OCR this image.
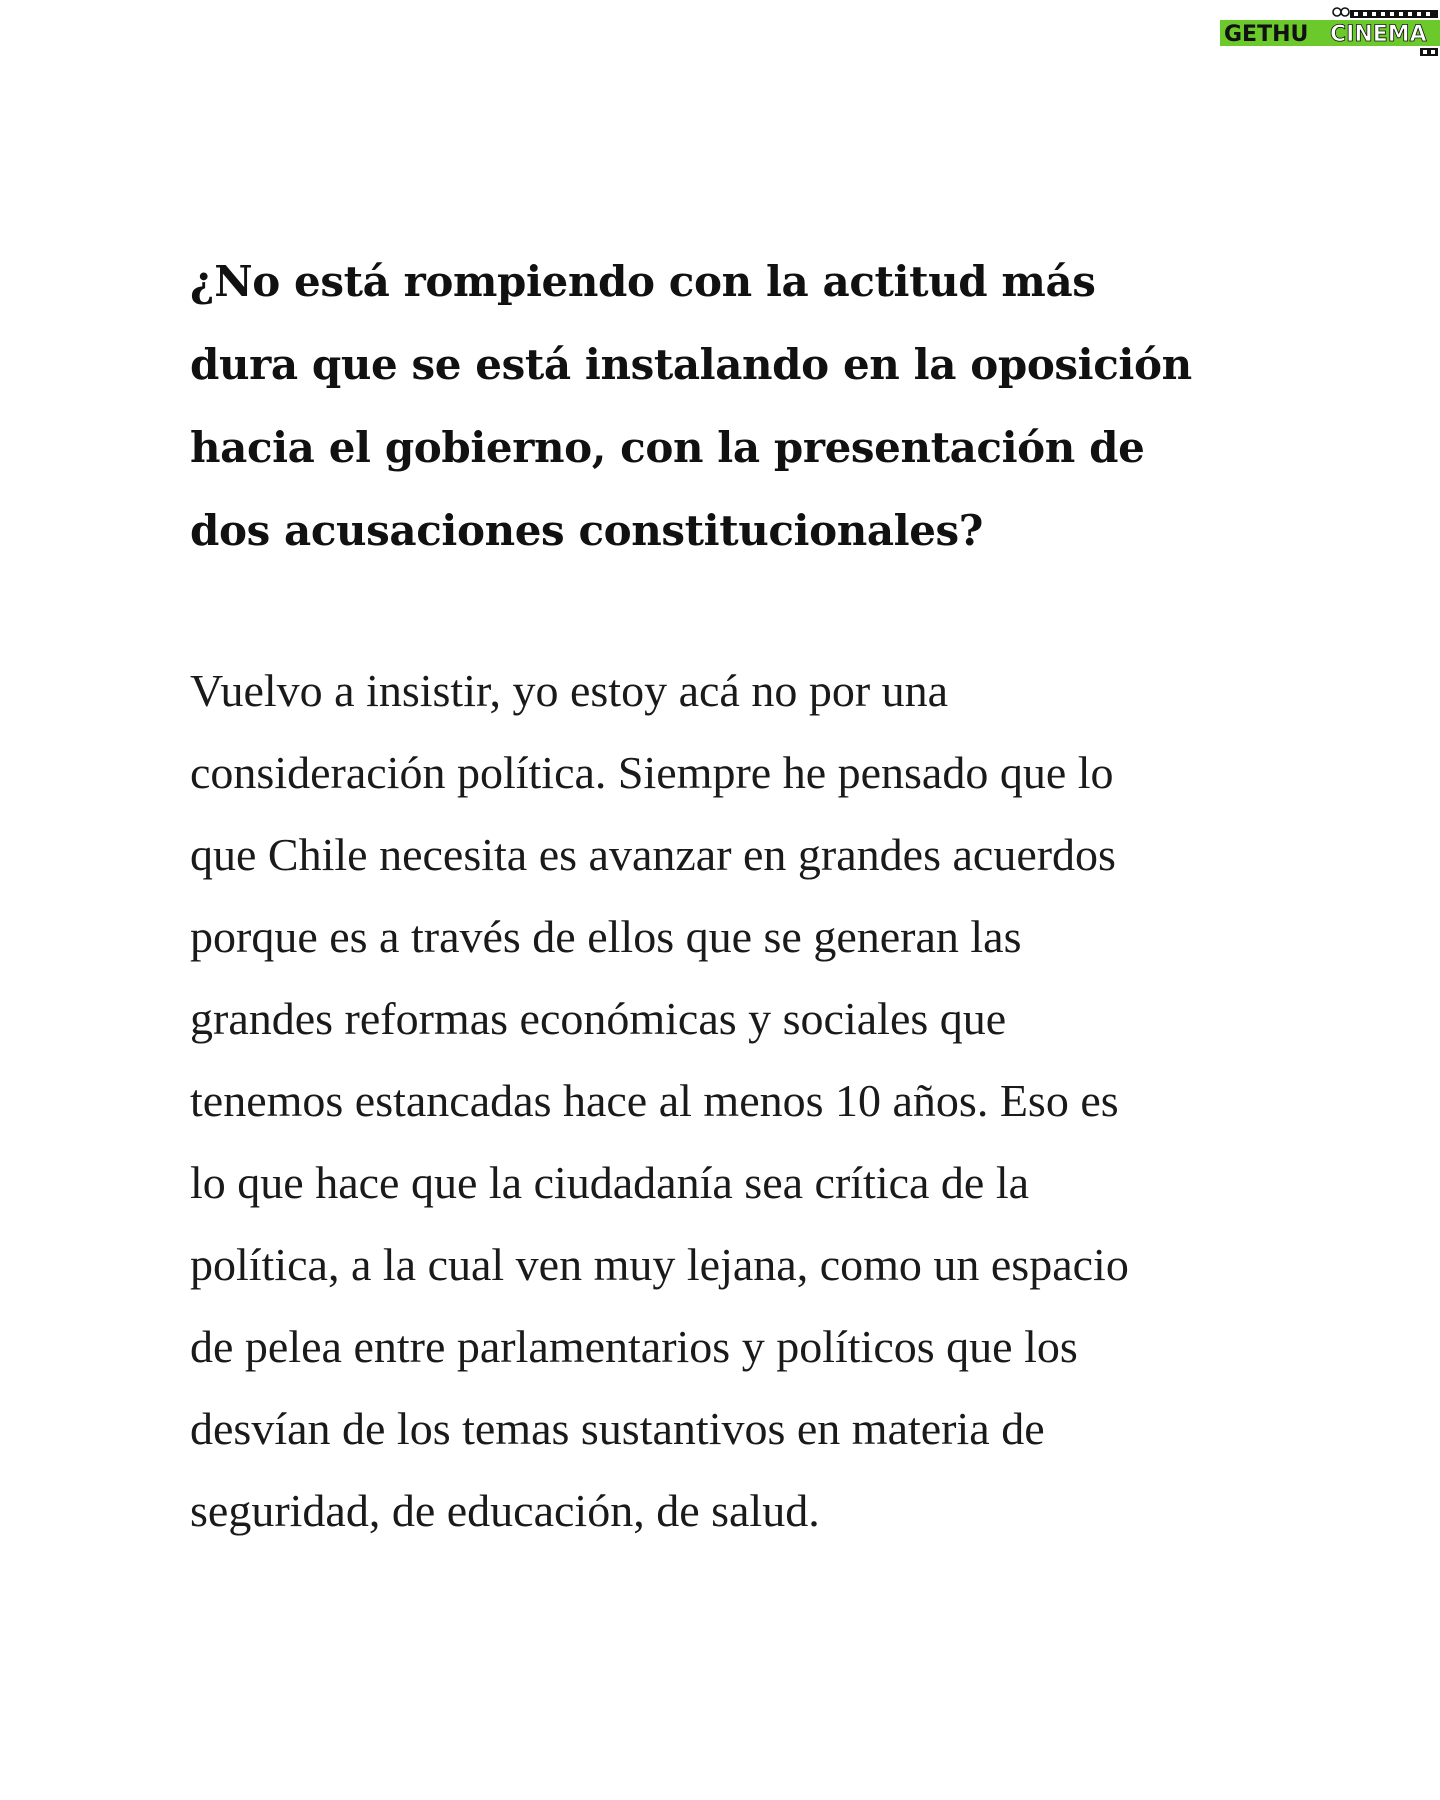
GETHU CINEMA
¿No está rompiendo con la actitud más
dura que se está instalando en la oposición
hacia el gobierno, con la presentación de
dos acusaciones constitucionales?

Vuelvo a insistir, yo estoy acá no por una
consideración política. Siempre he pensado que lo
que Chile necesita es avanzar en grandes acuerdos
porque es a través de ellos que se generan las
grandes reformas económicas y sociales que
tenemos estancadas hace al menos 10 años. Eso es
lo que hace que la ciudadanía sea crítica de la
política, a la cual ven muy lejana, como un espacio
de pelea entre parlamentarios y políticos que los
desvían de los temas sustantivos en materia de
seguridad, de educación, de salud.
